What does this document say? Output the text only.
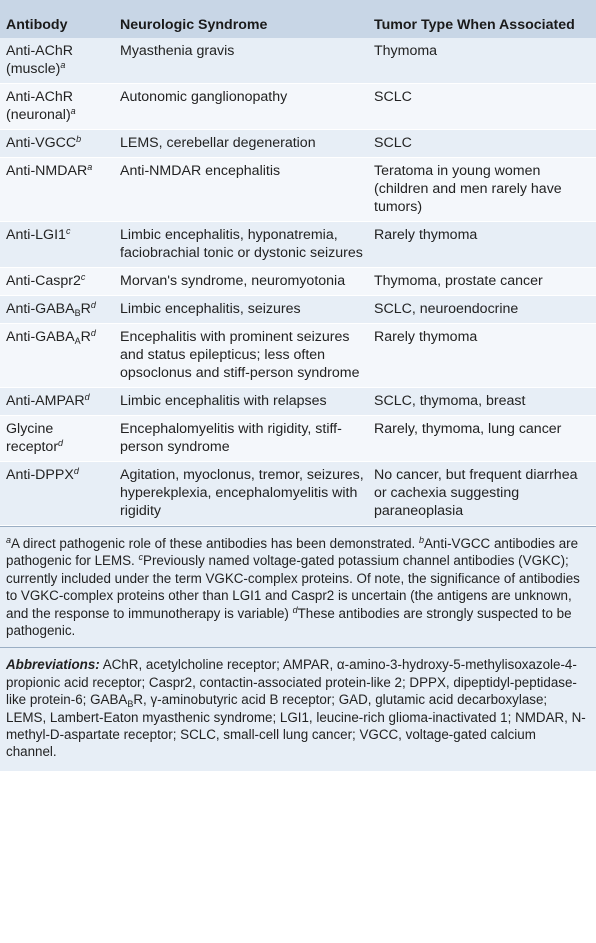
Antibody	Neurologic Syndrome	Tumor Type When Associated
Anti-AChR (muscle)$^a$	Myasthenia gravis	Thymoma
Anti-AChR (neuronal)$^a$	Autonomic ganglionopathy	SCLC
Anti-VGCC$^b$	LEMS, cerebellar degeneration	SCLC
Anti-NMDAR$^a$	Anti-NMDAR encephalitis	Teratoma in young women (children and men rarely have tumors)
Anti-LGI1$^c$	Limbic encephalitis, hyponatremia, faciobrachial tonic or dystonic seizures	Rarely thymoma
Anti-Caspr2$^c$	Morvan's syndrome, neuromyotonia	Thymoma, prostate cancer
Anti-$GABA_BR^d$	Limbic encephalitis, seizures	SCLC, neuroendocrine
Anti-$GABA_AR^d$	Encephalitis with prominent seizures and status epilepticus; less often opsoclonus and stiff-person syndrome	Rarely thymoma
Anti-AMPAR$^d$	Limbic encephalitis with relapses	SCLC, thymoma, breast
Glycine receptor$^d$	Encephalomyelitis with rigidity, stiff-person syndrome	Rarely, thymoma, lung cancer
Anti-DPPX$^d$	Agitation, myoclonus, tremor, seizures, hyperekplexia, encephalomyelitis with rigidity	No cancer, but frequent diarrhea or cachexia suggesting paraneoplasia
$^a$A direct pathogenic role of these antibodies has been demonstrated. $^b$Anti-VGCC antibodies are pathogenic for LEMS. $^c$Previously named voltage-gated potassium channel antibodies (VGKC); currently included under the term VGKC-complex proteins. Of note, the significance of antibodies to VGKC-complex proteins other than LGI1 and Caspr2 is uncertain (the antigens are unknown, and the response to immunotherapy is variable) $^d$These antibodies are strongly suspected to be pathogenic.
Abbreviations: AChR, acetylcholine receptor; AMPAR, α-amino-3-hydroxy-5-methylisoxazole-4-propionic acid receptor; Caspr2, contactin-associated protein-like 2; DPPX, dipeptidyl-peptidase-like protein-6; $GABA_BR$, γ-aminobutyric acid B receptor; GAD, glutamic acid decarboxylase; LEMS, Lambert-Eaton myasthenic syndrome; LGI1, leucine-rich glioma-inactivated 1; NMDAR, N-methyl-D-aspartate receptor; SCLC, small-cell lung cancer; VGCC, voltage-gated calcium channel.
